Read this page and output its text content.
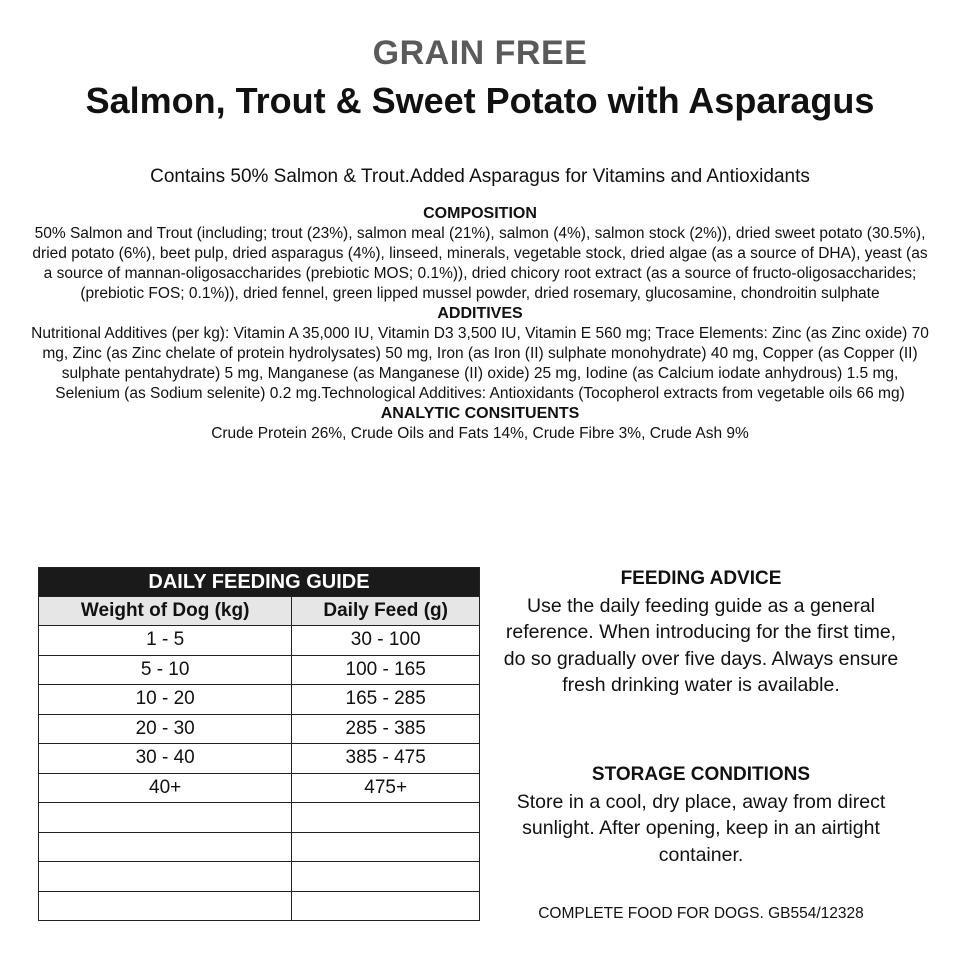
GRAIN FREE
Salmon, Trout & Sweet Potato with Asparagus
Contains 50% Salmon & Trout.Added Asparagus for Vitamins and Antioxidants
COMPOSITION
50% Salmon and Trout (including; trout (23%), salmon meal (21%), salmon (4%), salmon stock (2%)), dried sweet potato (30.5%), dried potato (6%), beet pulp, dried asparagus (4%), linseed, minerals, vegetable stock, dried algae (as a source of DHA), yeast (as a source of mannan-oligosaccharides (prebiotic MOS; 0.1%)), dried chicory root extract (as a source of fructo-oligosaccharides; (prebiotic FOS; 0.1%)), dried fennel, green lipped mussel powder, dried rosemary, glucosamine, chondroitin sulphate
ADDITIVES
Nutritional Additives (per kg): Vitamin A 35,000 IU, Vitamin D3 3,500 IU, Vitamin E 560 mg; Trace Elements: Zinc (as Zinc oxide) 70 mg, Zinc (as Zinc chelate of protein hydrolysates) 50 mg, Iron (as Iron (II) sulphate monohydrate) 40 mg, Copper (as Copper (II) sulphate pentahydrate) 5 mg, Manganese (as Manganese (II) oxide) 25 mg, Iodine (as Calcium iodate anhydrous) 1.5 mg, Selenium (as Sodium selenite) 0.2 mg.Technological Additives: Antioxidants (Tocopherol extracts from vegetable oils 66 mg)
ANALYTIC CONSITUENTS
Crude Protein 26%, Crude Oils and Fats 14%, Crude Fibre 3%, Crude Ash 9%
DAILY FEEDING GUIDE	
Weight of Dog (kg)	Daily Feed (g)
1 - 5	30 - 100
5 - 10	100 - 165
10 - 20	165 - 285
20 - 30	285 - 385
30 - 40	385 - 475
40+	475+

FEEDING ADVICE
Use the daily feeding guide as a general reference. When introducing for the first time, do so gradually over five days. Always ensure fresh drinking water is available.
STORAGE CONDITIONS
Store in a cool, dry place, away from direct sunlight. After opening, keep in an airtight container.
COMPLETE FOOD FOR DOGS. GB554/12328
